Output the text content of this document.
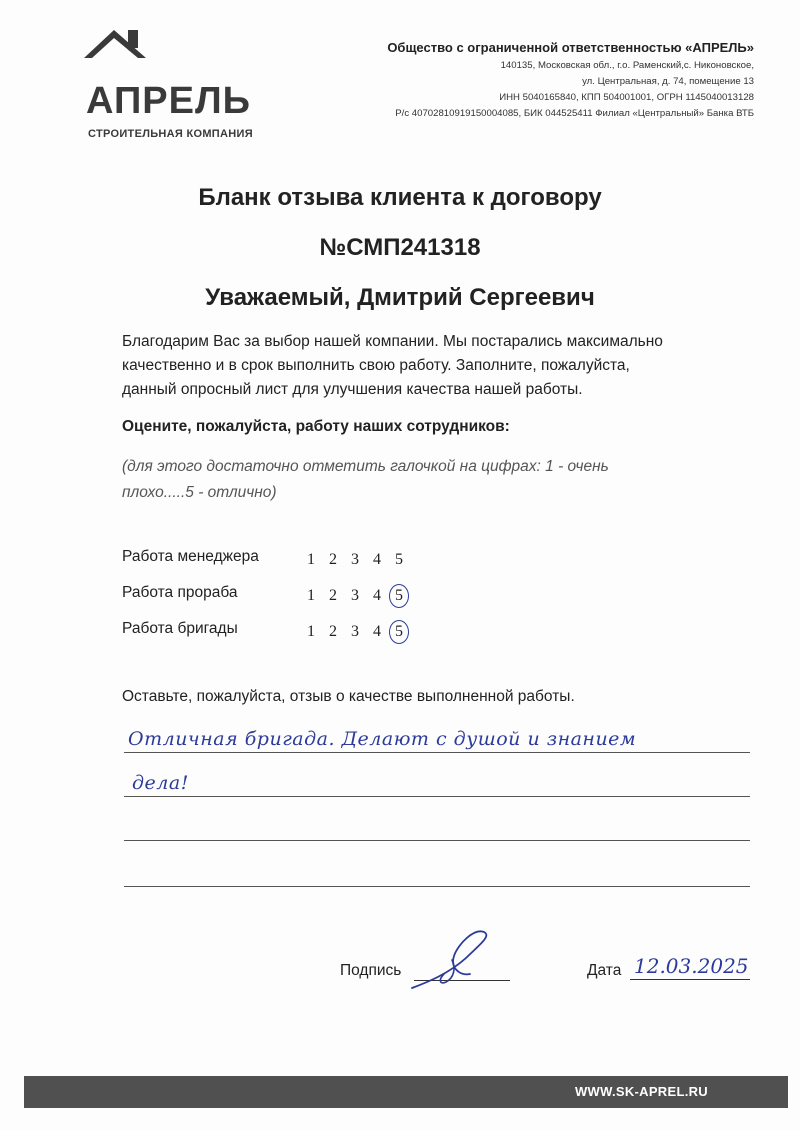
АПРЕЛЬ
СТРОИТЕЛЬНАЯ КОМПАНИЯ
Общество с ограниченной ответственностью «АПРЕЛЬ»
140135, Московская обл., г.о. Раменский,с. Никоновское,
ул. Центральная, д. 74, помещение 13
ИНН 5040165840, КПП 504001001, ОГРН 1145040013128
Р/с 40702810919150004085, БИК 044525411 Филиал «Центральный» Банка ВТБ
Бланк отзыва клиента к договору
№СМП241318
Уважаемый, Дмитрий Сергеевич
Благодарим Вас за выбор нашей компании. Мы постарались максимально
качественно и в срок выполнить свою работу. Заполните, пожалуйста,
данный опросный лист для улучшения качества нашей работы.
Оцените, пожалуйста, работу наших сотрудников:
(для этого достаточно отметить галочкой на цифрах: 1 - очень
плохо.....5 - отлично)
Работа менеджера	1 2 3 4 5
Работа прораба	1 2 3 4 5
Работа бригады	1 2 3 4 5
Оставьте, пожалуйста, отзыв о качестве выполненной работы.
Отличная бригада. Делают с душой и знанием
дела!
Подпись	Дата 12.03.2025
WWW.SK-APREL.RU
